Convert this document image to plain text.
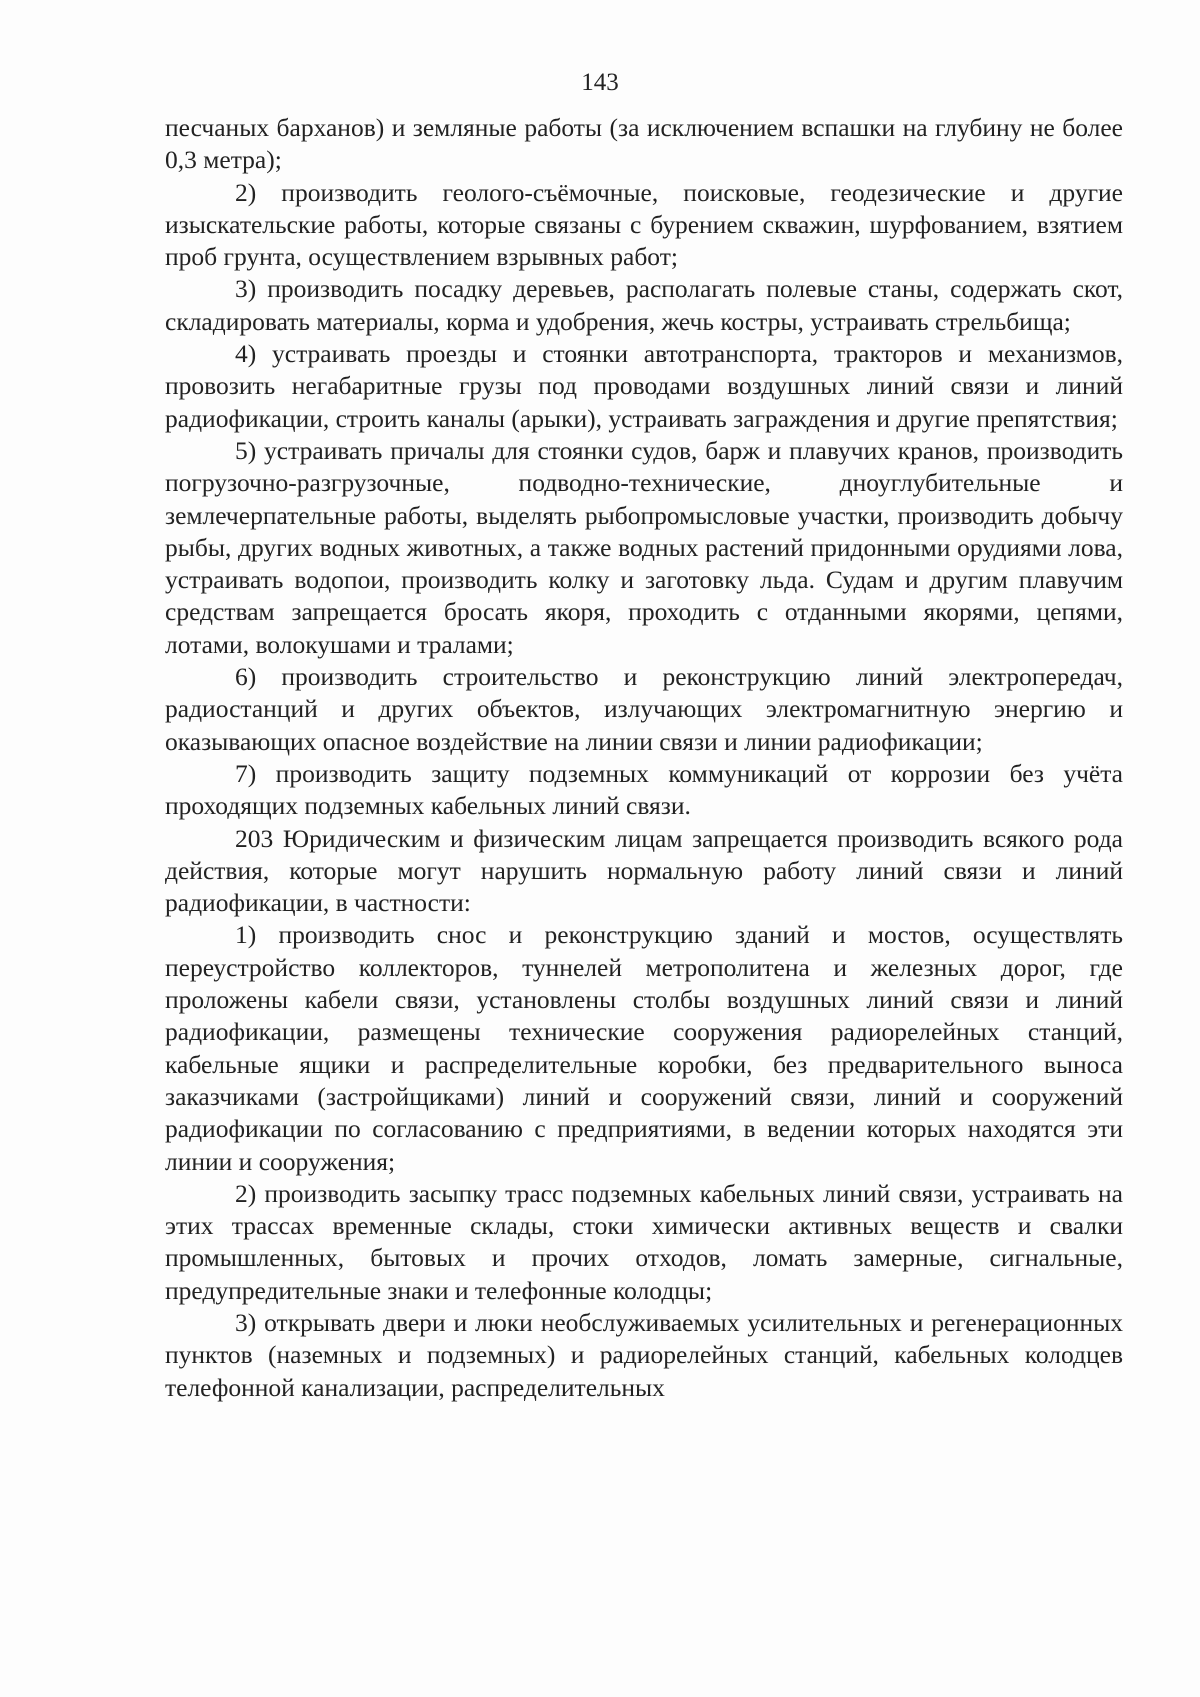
143

песчаных барханов) и земляные работы (за исключением вспашки на глубину не более 0,3 метра);

2) производить геолого-съёмочные, поисковые, геодезические и другие изыскательские работы, которые связаны с бурением скважин, шурфованием, взятием проб грунта, осуществлением взрывных работ;

3) производить посадку деревьев, располагать полевые станы, содержать скот, складировать материалы, корма и удобрения, жечь костры, устраивать стрельбища;

4) устраивать проезды и стоянки автотранспорта, тракторов и механизмов, провозить негабаритные грузы под проводами воздушных линий связи и линий радиофикации, строить каналы (арыки), устраивать заграждения и другие препятствия;

5) устраивать причалы для стоянки судов, барж и плавучих кранов, производить погрузочно-разгрузочные, подводно-технические, дноуглубительные и землечерпательные работы, выделять рыбопромысловые участки, производить добычу рыбы, других водных животных, а также водных растений придонными орудиями лова, устраивать водопои, производить колку и заготовку льда. Судам и другим плавучим средствам запрещается бросать якоря, проходить с отданными якорями, цепями, лотами, волокушами и тралами;

6) производить строительство и реконструкцию линий электропередач, радиостанций и других объектов, излучающих электромагнитную энергию и оказывающих опасное воздействие на линии связи и линии радиофикации;

7) производить защиту подземных коммуникаций от коррозии без учёта проходящих подземных кабельных линий связи.

203 Юридическим и физическим лицам запрещается производить всякого рода действия, которые могут нарушить нормальную работу линий связи и линий радиофикации, в частности:

1) производить снос и реконструкцию зданий и мостов, осуществлять переустройство коллекторов, туннелей метрополитена и железных дорог, где проложены кабели связи, установлены столбы воздушных линий связи и линий радиофикации, размещены технические сооружения радиорелейных станций, кабельные ящики и распределительные коробки, без предварительного выноса заказчиками (застройщиками) линий и сооружений связи, линий и сооружений радиофикации по согласованию с предприятиями, в ведении которых находятся эти линии и сооружения;

2) производить засыпку трасс подземных кабельных линий связи, устраивать на этих трассах временные склады, стоки химически активных веществ и свалки промышленных, бытовых и прочих отходов, ломать замерные, сигнальные, предупредительные знаки и телефонные колодцы;

3) открывать двери и люки необслуживаемых усилительных и регенерационных пунктов (наземных и подземных) и радиорелейных станций, кабельных колодцев телефонной канализации, распределительных
